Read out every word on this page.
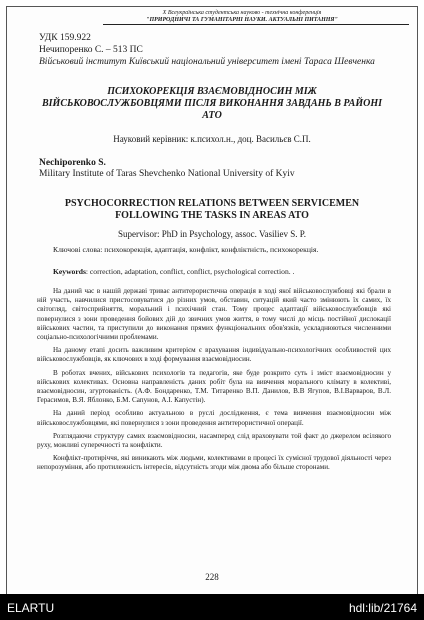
Х Всеукраїнська студентська науково - технічна конференція
"ПРИРОДНИЧІ ТА ГУМАНІТАРНІ НАУКИ. АКТУАЛЬНІ ПИТАННЯ"
УДК 159.922
Нечипоренко С. – 513 ПС
Військовий інститут Київський національний університет імені Тараса Шевченка
ПСИХОКОРЕКЦІЯ ВЗАЄМОВІДНОСИН МІЖ ВІЙСЬКОВОСЛУЖБОВЦЯМИ ПІСЛЯ ВИКОНАННЯ ЗАВДАНЬ В РАЙОНІ АТО
Науковий керівник: к.психол.н., доц. Васильєв С.П.
Nechiporenko S.
Military Institute of Taras Shevchenko National University of Kyiv
PSYCHOCORRECTION RELATIONS BETWEEN SERVICEMEN FOLLOWING THE TASKS IN AREAS ATO
Supervisor: PhD in Psychology, assoc. Vasiliev S. P.
Ключові слова: психокорекція, адаптація, конфлікт, конфліктність, психокорекція.
Keywords: correction, adaptation, conflict, conflict, psychological correction. .

На даний час в нашій державі триває антитерористична операція в ході якої військовослужбовці які брали в ній участь, навчилися пристосовуватися до різних умов, обставин, ситуацій який часто змінюють їх самих, їх світогляд, світосприйняття, моральний і психічний стан. Тому процес адаптації військовослужбовців які повернулися з зони проведення бойових дій до звичних умов життя, в тому числі до місць постійної дислокації військових частин, та приступили до виконання прямих функціональних обов'язків, ускладнюються численними соціально-психологічними проблемами.

На даному етапі досить важливим критерієм є врахування індивідуально-психологічних особливостей цих військовослужбовців, як ключових в ході формування взаємовідносин.

В роботах вчених, військових психологів та педагогів, яке буде розкрито суть і зміст взаємовідносин у військових колективах. Основна направленість даних робіт була на вивчення морального клімату в колективі, взаємовідносин, згуртованість. (А.Ф. Бондаренко, Т.М. Титаренко В.П. Данилов, В.В Ягупов, В.І.Варваров, В.Л. Герасимов, В.Я. Яблонко, Б.М. Сапунов, А.І. Капустін).

На даний період особливо актуальною в руслі дослідження, є тема вивчення взаємовідносин між військовослужбовцями, які повернулися з зони проведення антитерористичної операції.

Розглядаючи структуру самих взаємовідносин, насамперед слід враховувати той факт до джерелом всілякого руху, можливі суперечності та конфлікти.

Конфлікт-протиріччя, які виникають між людьми, колективами в процесі їх сумісної трудової діяльності через непорозуміння, або протилежність інтересів, відсутність згоди між двома або більше сторонами.

228
ELARTU	hdl:lib/21764
